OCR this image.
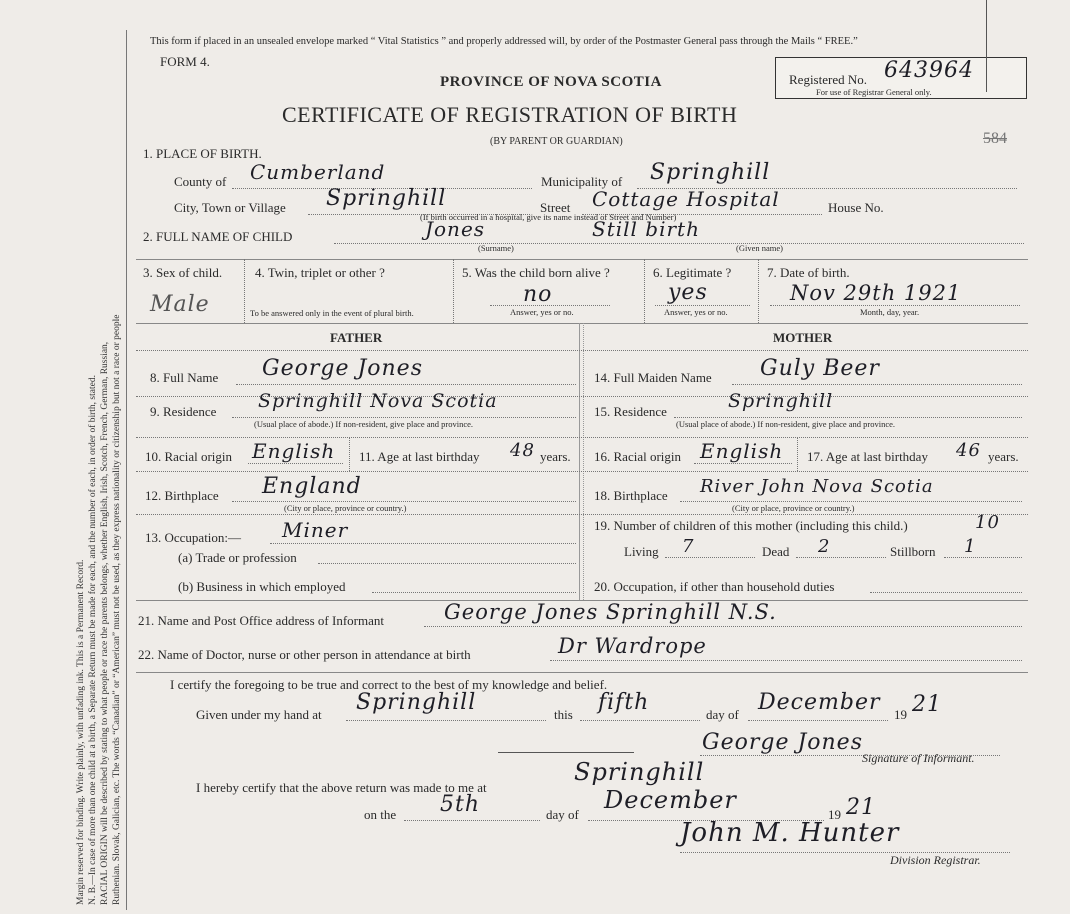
Margin reserved for binding. Write plainly, with unfading ink. This is a Permanent Record. N. B.—In case of more than one child at a birth, a Separate Return must be made for each, and the number of each, in order of birth, stated. RACIAL ORIGIN will be described by stating to what people or race the parents belongs, whether English, Irish, Scotch, French, German, Russian, Ruthenian. Slovak, Galician, etc. The words “Canadian” or “American” must not be used, as they express nationality or citizenship but not a race or people
This form if placed in an unsealed envelope marked “ Vital Statistics ” and properly addressed will, by order of the Postmaster General pass through the Mails “ FREE.”
FORM 4.
PROVINCE OF NOVA SCOTIA
CERTIFICATE OF REGISTRATION OF BIRTH
(BY PARENT OR GUARDIAN)
Registered No. 643964
For use of Registrar General only.
584
1. PLACE OF BIRTH.
County of Cumberland	Municipality of Springhill
City, Town or Village Springhill	Street Cottage Hospital	House No.
(If birth occurred in a hospital, give its name instead of Street and Number)
2. FULL NAME OF CHILD	Jones	Still birth
(Surname)	(Given name)
3. Sex of child.
Male
4. Twin, triplet or other ?
To be answered only in the event of plural birth.
5. Was the child born alive ?
no
Answer, yes or no.
6. Legitimate ?
yes
Answer, yes or no.
7. Date of birth.
Nov 29th 1921
Month, day, year.
FATHER	MOTHER
8. Full Name George Jones
9. Residence Springhill Nova Scotia
(Usual place of abode.) If non-resident, give place and province.
10. Racial origin English 11. Age at last birthday 48 years.
12. Birthplace England
(City or place, province or country.)
13. Occupation:— Miner
(a) Trade or profession
(b) Business in which employed
14. Full Maiden Name Guly Beer
15. Residence	Springhill
(Usual place of abode.) If non-resident, give place and province.
16. Racial origin English 17. Age at last birthday 46 years.
18. Birthplace River John Nova Scotia
(City or place, province or country.)
19. Number of children of this mother (including this child.)	10
Living 7	Dead 2	Stillborn 1
20. Occupation, if other than household duties
21. Name and Post Office address of Informant	George Jones Springhill N.S.
22. Name of Doctor, nurse or other person in attendance at birth	Dr Wardrope
I certify the foregoing to be true and correct to the best of my knowledge and belief.
Given under my hand at Springhill	this fifth	day of December 19 21
George Jones
Signature of Informant.
I hereby certify that the above return was made to me at
Springhill
on the 5th	day of
December
19 21
John M. Hunter
Division Registrar.
